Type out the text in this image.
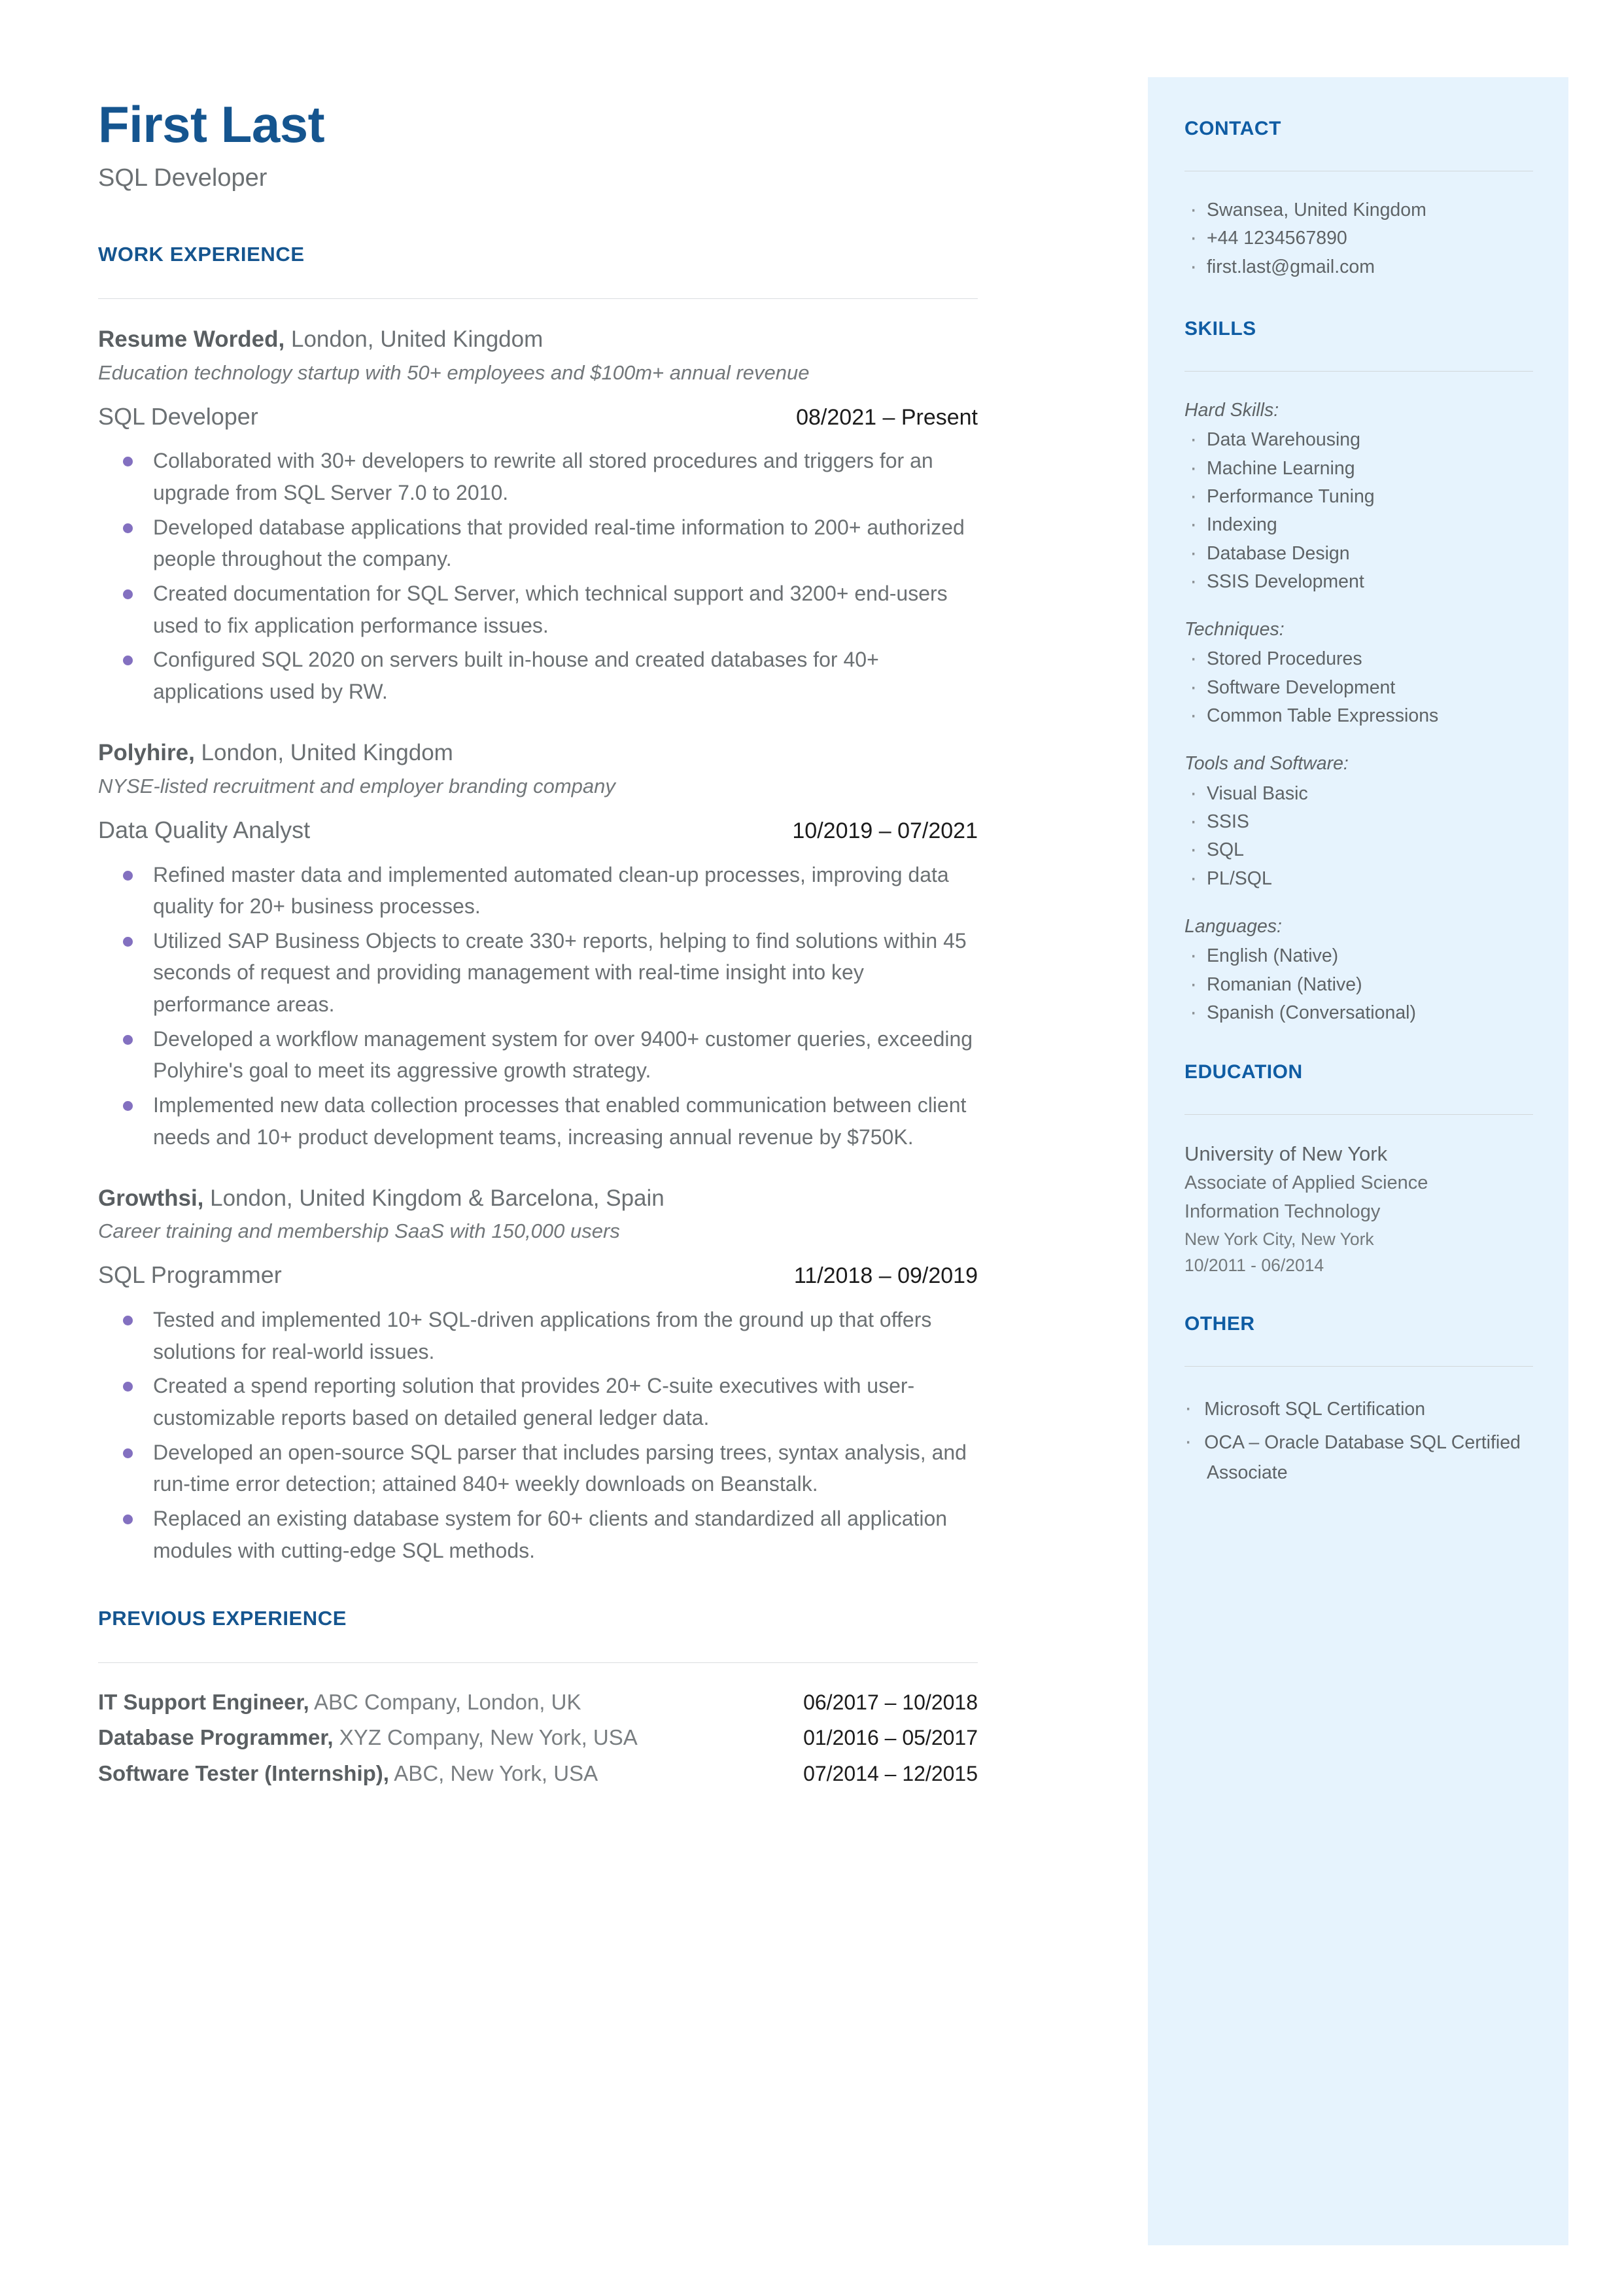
CONTACT
· Swansea, United Kingdom
· +44 1234567890
· first.last@gmail.com
SKILLS

Hard Skills:

· Data Warehousing
· Machine Learning
· Performance Tuning
· Indexing
· Database Design
· SSIS Development

Techniques:

· Stored Procedures
· Software Development
· Common Table Expressions

Tools and Software:

· Visual Basic
· SSIS
· SQL
· PL/SQL

Languages:

· English (Native)
· Romanian (Native)
· Spanish (Conversational)
EDUCATION

University of New York

Associate of Applied Science

Information Technology

New York City, New York

10/2011 - 06/2014

OTHER
· Microsoft SQL Certification
· OCA – Oracle Database SQL Certified Associate
First Last

SQL Developer

WORK EXPERIENCE

Resume Worded, London, United Kingdom

Education technology startup with 50+ employees and $100m+ annual revenue

SQL Developer	08/2021 – Present
Collaborated with 30+ developers to rewrite all stored procedures and triggers for an upgrade from SQL Server 7.0 to 2010.
Developed database applications that provided real-time information to 200+ authorized people throughout the company.
Created documentation for SQL Server, which technical support and 3200+ end-users used to fix application performance issues.
Configured SQL 2020 on servers built in-house and created databases for 40+ applications used by RW.

Polyhire, London, United Kingdom

NYSE-listed recruitment and employer branding company

Data Quality Analyst	10/2019 – 07/2021
Refined master data and implemented automated clean-up processes, improving data quality for 20+ business processes.
Utilized SAP Business Objects to create 330+ reports, helping to find solutions within 45 seconds of request and providing management with real-time insight into key performance areas.
Developed a workflow management system for over 9400+ customer queries, exceeding Polyhire's goal to meet its aggressive growth strategy.
Implemented new data collection processes that enabled communication between client needs and 10+ product development teams, increasing annual revenue by $750K.

Growthsi, London, United Kingdom & Barcelona, Spain

Career training and membership SaaS with 150,000 users

SQL Programmer	11/2018 – 09/2019
Tested and implemented 10+ SQL-driven applications from the ground up that offers solutions for real-world issues.
Created a spend reporting solution that provides 20+ C-suite executives with user-customizable reports based on detailed general ledger data.
Developed an open-source SQL parser that includes parsing trees, syntax analysis, and run-time error detection; attained 840+ weekly downloads on Beanstalk.
Replaced an existing database system for 60+ clients and standardized all application modules with cutting-edge SQL methods.
PREVIOUS EXPERIENCE
IT Support Engineer, ABC Company, London, UK	06/2017 – 10/2018
Database Programmer, XYZ Company, New York, USA	01/2016 – 05/2017
Software Tester (Internship), ABC, New York, USA	07/2014 – 12/2015
